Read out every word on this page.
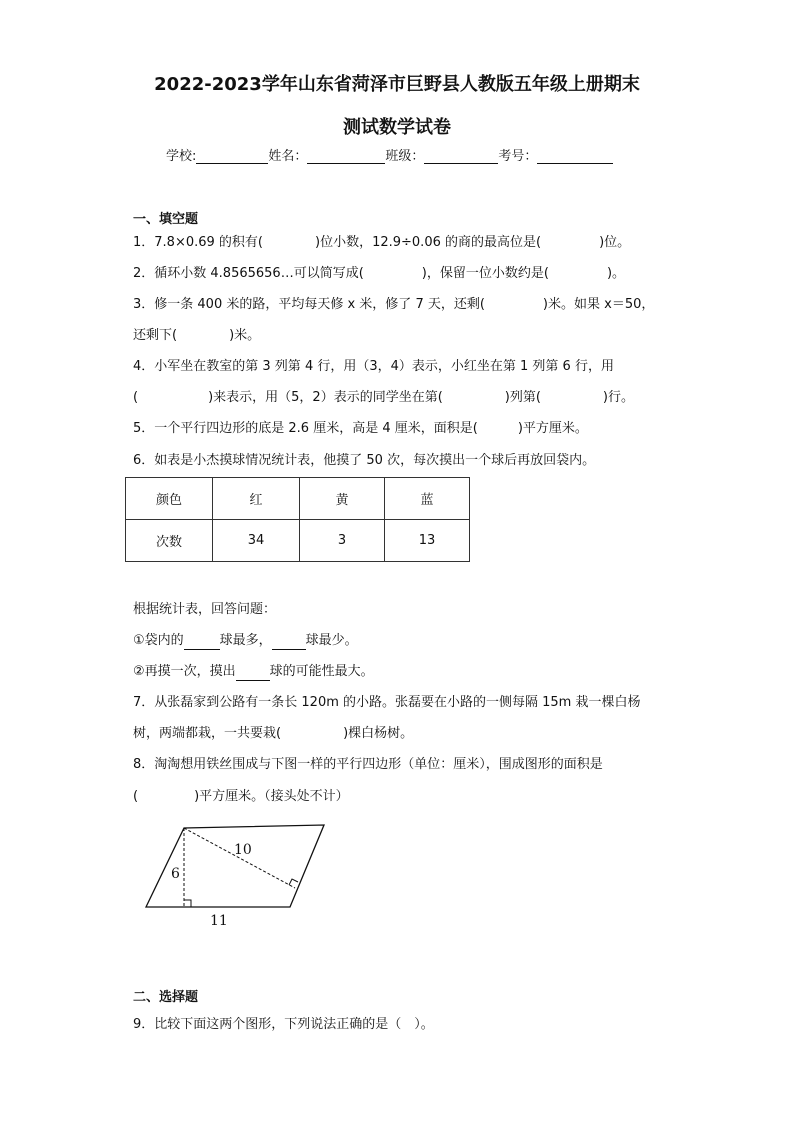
2022-2023学年山东省菏泽市巨野县人教版五年级上册期末
测试数学试卷
学校:	姓名：	班级：	考号：
一、填空题
1．7.8×0.69 的积有(	)位小数，12.9÷0.06 的商的最高位是(	)位。
2．循环小数 4.8565656…可以简写成(	)，保留一位小数约是(	)。
3．修一条 400 米的路，平均每天修 x 米，修了 7 天，还剩(	)米。如果 x＝50，
还剩下(	)米。
4．小军坐在教室的第 3 列第 4 行，用（3，4）表示，小红坐在第 1 列第 6 行，用
(	)来表示，用（5，2）表示的同学坐在第(	)列第(	)行。
5．一个平行四边形的底是 2.6 厘米，高是 4 厘米，面积是(	)平方厘米。
6．如表是小杰摸球情况统计表，他摸了 50 次，每次摸出一个球后再放回袋内。
颜色	红	黄	蓝
次数	34	3	13
根据统计表，回答问题：
①袋内的	球最多，	球最少。
②再摸一次，摸出	球的可能性最大。
7．从张磊家到公路有一条长 120m 的小路。张磊要在小路的一侧每隔 15m 栽一棵白杨
树，两端都栽，一共要栽(	)棵白杨树。
8．淘淘想用铁丝围成与下图一样的平行四边形（单位：厘米），围成图形的面积是
(	)平方厘米。（接头处不计）
6
10
11
二、选择题
9．比较下面这两个图形，下列说法正确的是（　）。
